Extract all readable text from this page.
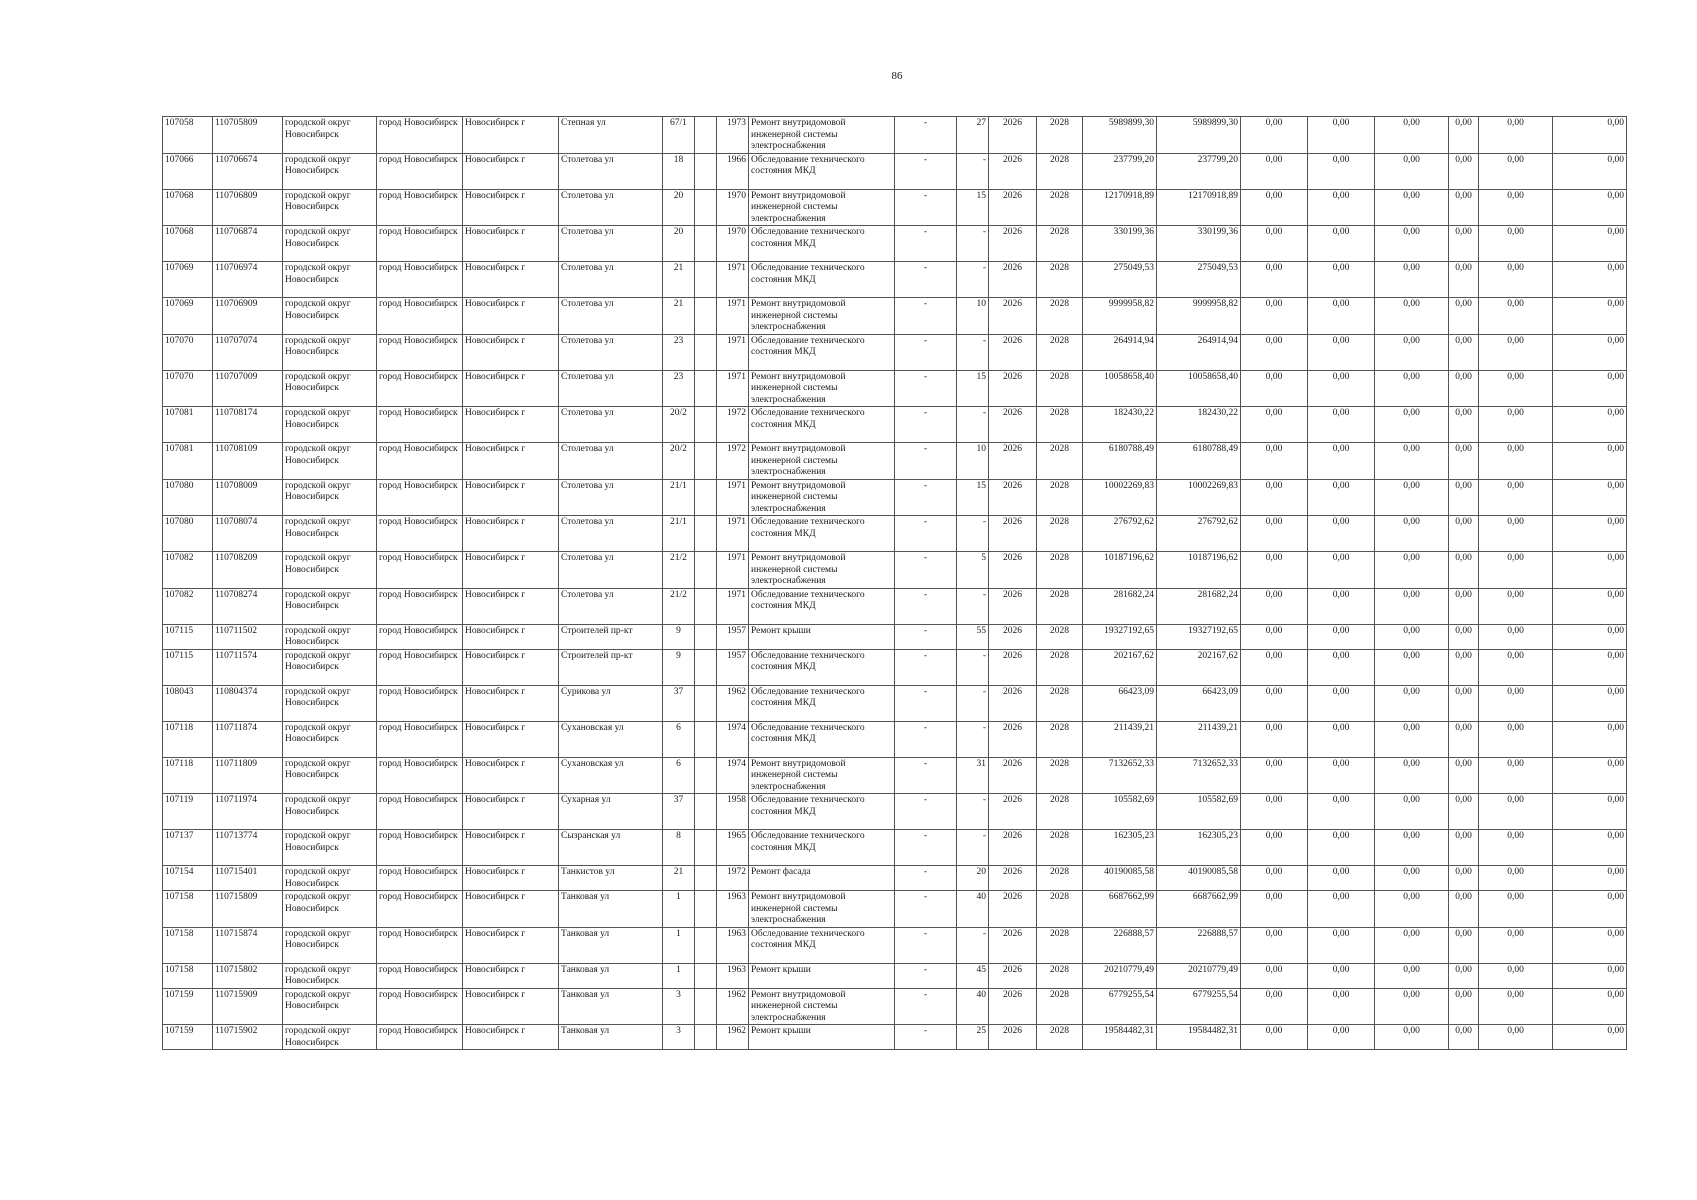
86
107058	110705809	городской округ Новосибирск	город Новосибирск	Новосибирск г	Степная ул	67/1		1973	Ремонт внутридомовой инженерной системы электроснабжения	-	27	2026	2028	5989899,30	5989899,30	0,00	0,00	0,00	0,00	0,00	0,00
107066	110706674	городской округ Новосибирск	город Новосибирск	Новосибирск г	Столетова ул	18		1966	Обследование технического состояния МКД	-	-	2026	2028	237799,20	237799,20	0,00	0,00	0,00	0,00	0,00	0,00
107068	110706809	городской округ Новосибирск	город Новосибирск	Новосибирск г	Столетова ул	20		1970	Ремонт внутридомовой инженерной системы электроснабжения	-	15	2026	2028	12170918,89	12170918,89	0,00	0,00	0,00	0,00	0,00	0,00
107068	110706874	городской округ Новосибирск	город Новосибирск	Новосибирск г	Столетова ул	20		1970	Обследование технического состояния МКД	-	-	2026	2028	330199,36	330199,36	0,00	0,00	0,00	0,00	0,00	0,00
107069	110706974	городской округ Новосибирск	город Новосибирск	Новосибирск г	Столетова ул	21		1971	Обследование технического состояния МКД	-	-	2026	2028	275049,53	275049,53	0,00	0,00	0,00	0,00	0,00	0,00
107069	110706909	городской округ Новосибирск	город Новосибирск	Новосибирск г	Столетова ул	21		1971	Ремонт внутридомовой инженерной системы электроснабжения	-	10	2026	2028	9999958,82	9999958,82	0,00	0,00	0,00	0,00	0,00	0,00
107070	110707074	городской округ Новосибирск	город Новосибирск	Новосибирск г	Столетова ул	23		1971	Обследование технического состояния МКД	-	-	2026	2028	264914,94	264914,94	0,00	0,00	0,00	0,00	0,00	0,00
107070	110707009	городской округ Новосибирск	город Новосибирск	Новосибирск г	Столетова ул	23		1971	Ремонт внутридомовой инженерной системы электроснабжения	-	15	2026	2028	10058658,40	10058658,40	0,00	0,00	0,00	0,00	0,00	0,00
107081	110708174	городской округ Новосибирск	город Новосибирск	Новосибирск г	Столетова ул	20/2		1972	Обследование технического состояния МКД	-	-	2026	2028	182430,22	182430,22	0,00	0,00	0,00	0,00	0,00	0,00
107081	110708109	городской округ Новосибирск	город Новосибирск	Новосибирск г	Столетова ул	20/2		1972	Ремонт внутридомовой инженерной системы электроснабжения	-	10	2026	2028	6180788,49	6180788,49	0,00	0,00	0,00	0,00	0,00	0,00
107080	110708009	городской округ Новосибирск	город Новосибирск	Новосибирск г	Столетова ул	21/1		1971	Ремонт внутридомовой инженерной системы электроснабжения	-	15	2026	2028	10002269,83	10002269,83	0,00	0,00	0,00	0,00	0,00	0,00
107080	110708074	городской округ Новосибирск	город Новосибирск	Новосибирск г	Столетова ул	21/1		1971	Обследование технического состояния МКД	-	-	2026	2028	276792,62	276792,62	0,00	0,00	0,00	0,00	0,00	0,00
107082	110708209	городской округ Новосибирск	город Новосибирск	Новосибирск г	Столетова ул	21/2		1971	Ремонт внутридомовой инженерной системы электроснабжения	-	5	2026	2028	10187196,62	10187196,62	0,00	0,00	0,00	0,00	0,00	0,00
107082	110708274	городской округ Новосибирск	город Новосибирск	Новосибирск г	Столетова ул	21/2		1971	Обследование технического состояния МКД	-	-	2026	2028	281682,24	281682,24	0,00	0,00	0,00	0,00	0,00	0,00
107115	110711502	городской округ Новосибирск	город Новосибирск	Новосибирск г	Строителей пр-кт	9		1957	Ремонт крыши	-	55	2026	2028	19327192,65	19327192,65	0,00	0,00	0,00	0,00	0,00	0,00
107115	110711574	городской округ Новосибирск	город Новосибирск	Новосибирск г	Строителей пр-кт	9		1957	Обследование технического состояния МКД	-	-	2026	2028	202167,62	202167,62	0,00	0,00	0,00	0,00	0,00	0,00
108043	110804374	городской округ Новосибирск	город Новосибирск	Новосибирск г	Сурикова ул	37		1962	Обследование технического состояния МКД	-	-	2026	2028	66423,09	66423,09	0,00	0,00	0,00	0,00	0,00	0,00
107118	110711874	городской округ Новосибирск	город Новосибирск	Новосибирск г	Сухановская ул	6		1974	Обследование технического состояния МКД	-	-	2026	2028	211439,21	211439,21	0,00	0,00	0,00	0,00	0,00	0,00
107118	110711809	городской округ Новосибирск	город Новосибирск	Новосибирск г	Сухановская ул	6		1974	Ремонт внутридомовой инженерной системы электроснабжения	-	31	2026	2028	7132652,33	7132652,33	0,00	0,00	0,00	0,00	0,00	0,00
107119	110711974	городской округ Новосибирск	город Новосибирск	Новосибирск г	Сухарная ул	37		1958	Обследование технического состояния МКД	-	-	2026	2028	105582,69	105582,69	0,00	0,00	0,00	0,00	0,00	0,00
107137	110713774	городской округ Новосибирск	город Новосибирск	Новосибирск г	Сызранская ул	8		1965	Обследование технического состояния МКД	-	-	2026	2028	162305,23	162305,23	0,00	0,00	0,00	0,00	0,00	0,00
107154	110715401	городской округ Новосибирск	город Новосибирск	Новосибирск г	Танкистов ул	21		1972	Ремонт фасада	-	20	2026	2028	40190085,58	40190085,58	0,00	0,00	0,00	0,00	0,00	0,00
107158	110715809	городской округ Новосибирск	город Новосибирск	Новосибирск г	Танковая ул	1		1963	Ремонт внутридомовой инженерной системы электроснабжения	-	40	2026	2028	6687662,99	6687662,99	0,00	0,00	0,00	0,00	0,00	0,00
107158	110715874	городской округ Новосибирск	город Новосибирск	Новосибирск г	Танковая ул	1		1963	Обследование технического состояния МКД	-	-	2026	2028	226888,57	226888,57	0,00	0,00	0,00	0,00	0,00	0,00
107158	110715802	городской округ Новосибирск	город Новосибирск	Новосибирск г	Танковая ул	1		1963	Ремонт крыши	-	45	2026	2028	20210779,49	20210779,49	0,00	0,00	0,00	0,00	0,00	0,00
107159	110715909	городской округ Новосибирск	город Новосибирск	Новосибирск г	Танковая ул	3		1962	Ремонт внутридомовой инженерной системы электроснабжения	-	40	2026	2028	6779255,54	6779255,54	0,00	0,00	0,00	0,00	0,00	0,00
107159	110715902	городской округ Новосибирск	город Новосибирск	Новосибирск г	Танковая ул	3		1962	Ремонт крыши	-	25	2026	2028	19584482,31	19584482,31	0,00	0,00	0,00	0,00	0,00	0,00
